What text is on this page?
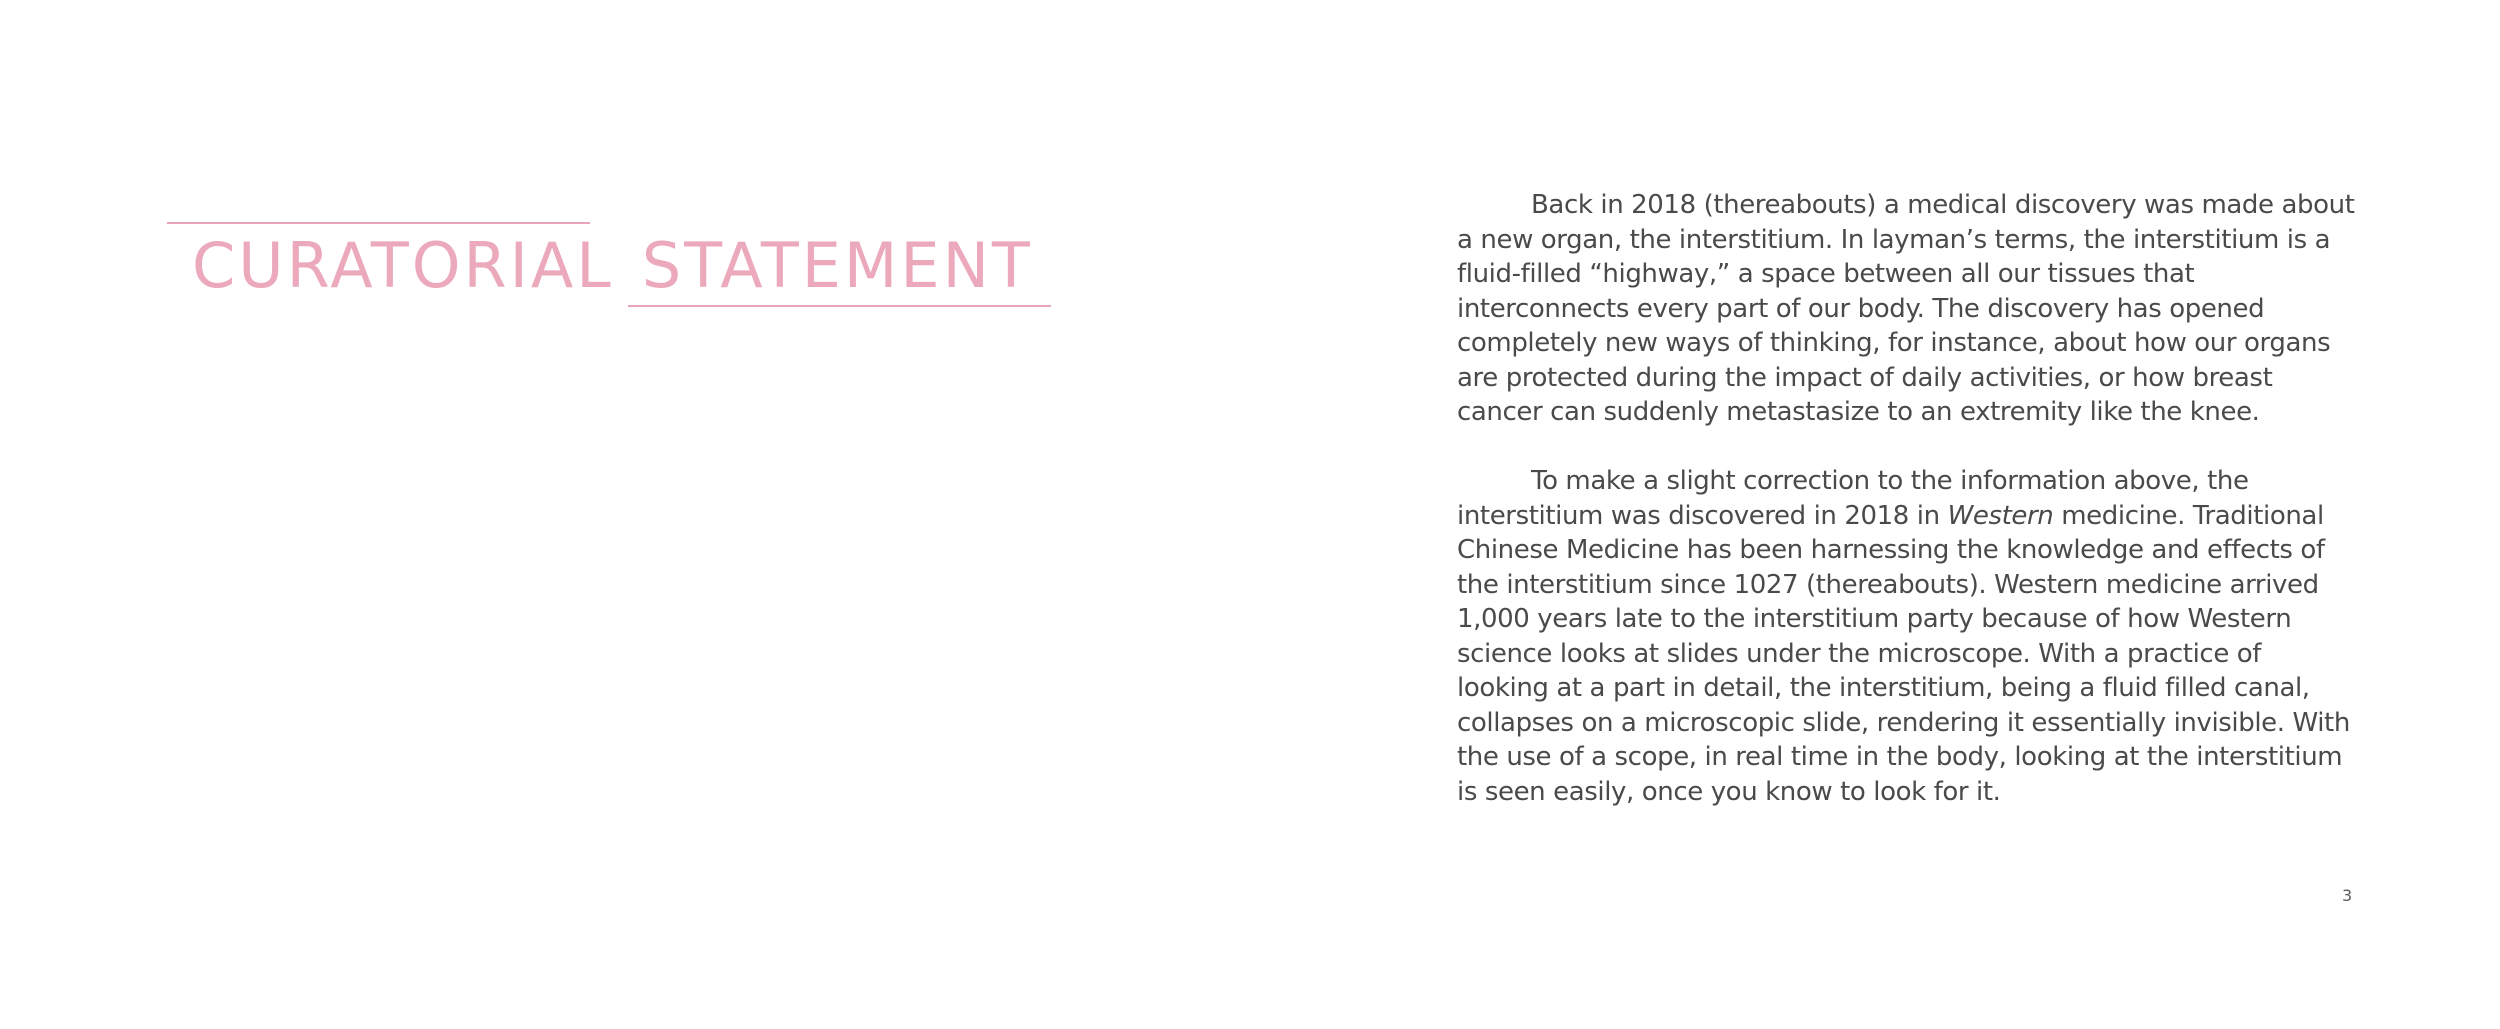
CURATORIAL STATEMENT

Back in 2018 (thereabouts) a medical discovery was made about a new organ, the interstitium. In layman’s terms, the interstitium is a fluid-filled “highway,” a space between all our tissues that interconnects every part of our body. The discovery has opened completely new ways of thinking, for instance, about how our organs are protected during the impact of daily activities, or how breast cancer can suddenly metastasize to an extremity like the knee.

To make a slight correction to the information above, the interstitium was discovered in 2018 in Western medicine. Traditional Chinese Medicine has been harnessing the knowledge and effects of the interstitium since 1027 (thereabouts). Western medicine arrived 1,000 years late to the interstitium party because of how Western science looks at slides under the microscope. With a practice of looking at a part in detail, the interstitium, being a fluid filled canal, collapses on a microscopic slide, rendering it essentially invisible. With the use of a scope, in real time in the body, looking at the interstitium is seen easily, once you know to look for it.

3
